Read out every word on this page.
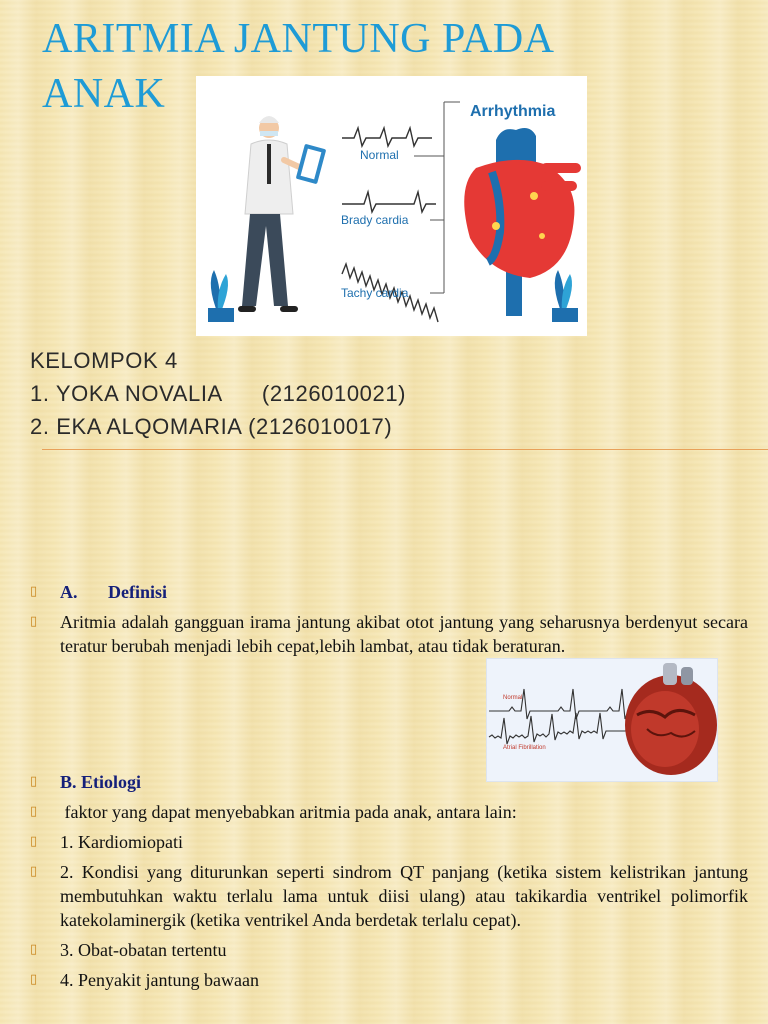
ARITMIA JANTUNG PADA
ANAK
Normal
Brady cardia
Tachy cardia
Arrhythmia
KELOMPOK 4
1. YOKA NOVALIA      (2126010021)
2. EKA ALQOMARIA (2126010017)
▯ A. Definisi
▯ Aritmia adalah gangguan irama jantung akibat otot jantung yang seharusnya berdenyut secara teratur berubah menjadi lebih cepat,lebih lambat, atau tidak beraturan.
▯ B. Etiologi
▯ faktor yang dapat menyebabkan aritmia pada anak, antara lain:
▯ 1. Kardiomiopati
▯ 2. Kondisi yang diturunkan seperti sindrom QT panjang (ketika sistem kelistrikan jantung membutuhkan waktu terlalu lama untuk diisi ulang) atau takikardia ventrikel polimorfik katekolaminergik (ketika ventrikel Anda berdetak terlalu cepat).
▯ 3. Obat-obatan tertentu
▯ 4. Penyakit jantung bawaan
Normal
Atrial Fibrillation
